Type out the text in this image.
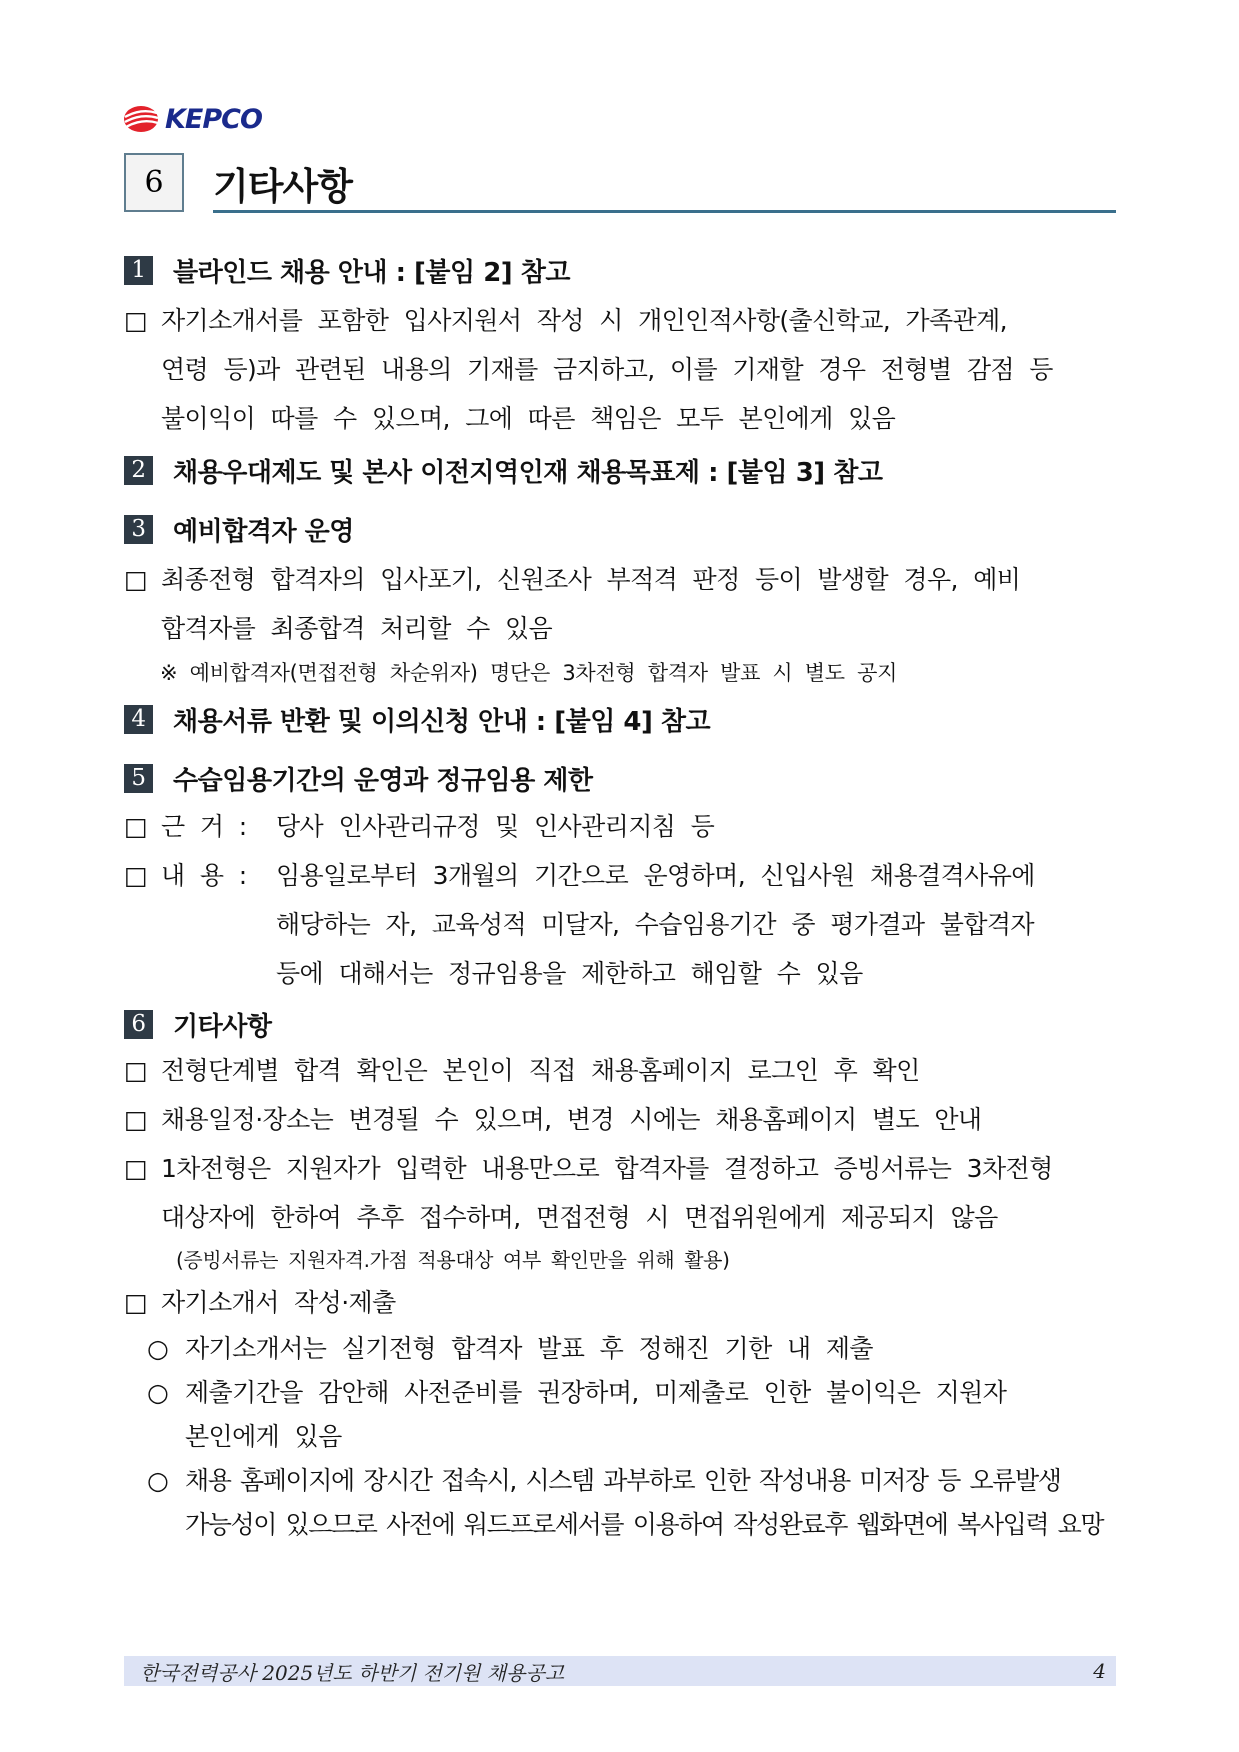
KEPCO
6 기타사항
1 블라인드 채용 안내 : [붙임 2] 참고
□ 자기소개서를 포함한 입사지원서 작성 시 개인인적사항(출신학교, 가족관계,
연령 등)과 관련된 내용의 기재를 금지하고, 이를 기재할 경우 전형별 감점 등
불이익이 따를 수 있으며, 그에 따른 책임은 모두 본인에게 있음
2 채용우대제도 및 본사 이전지역인재 채용목표제 : [붙임 3] 참고
3 예비합격자 운영
□ 최종전형 합격자의 입사포기, 신원조사 부적격 판정 등이 발생할 경우, 예비
합격자를 최종합격 처리할 수 있음
※ 예비합격자(면접전형 차순위자) 명단은 3차전형 합격자 발표 시 별도 공지
4 채용서류 반환 및 이의신청 안내 : [붙임 4] 참고
5 수습임용기간의 운영과 정규임용 제한
□ 근 거 : 당사 인사관리규정 및 인사관리지침 등
□ 내 용 : 임용일로부터 3개월의 기간으로 운영하며, 신입사원 채용결격사유에
해당하는 자, 교육성적 미달자, 수습임용기간 중 평가결과 불합격자
등에 대해서는 정규임용을 제한하고 해임할 수 있음
6 기타사항
□ 전형단계별 합격 확인은 본인이 직접 채용홈페이지 로그인 후 확인
□ 채용일정·장소는 변경될 수 있으며, 변경 시에는 채용홈페이지 별도 안내
□ 1차전형은 지원자가 입력한 내용만으로 합격자를 결정하고 증빙서류는 3차전형
대상자에 한하여 추후 접수하며, 면접전형 시 면접위원에게 제공되지 않음
(증빙서류는 지원자격.가점 적용대상 여부 확인만을 위해 활용)
□ 자기소개서 작성·제출
○ 자기소개서는 실기전형 합격자 발표 후 정해진 기한 내 제출
○ 제출기간을 감안해 사전준비를 권장하며, 미제출로 인한 불이익은 지원자
본인에게 있음
○ 채용 홈페이지에 장시간 접속시, 시스템 과부하로 인한 작성내용 미저장 등 오류발생
가능성이 있으므로 사전에 워드프로세서를 이용하여 작성완료후 웹화면에 복사입력 요망
한국전력공사 2025년도 하반기 전기원 채용공고	4
